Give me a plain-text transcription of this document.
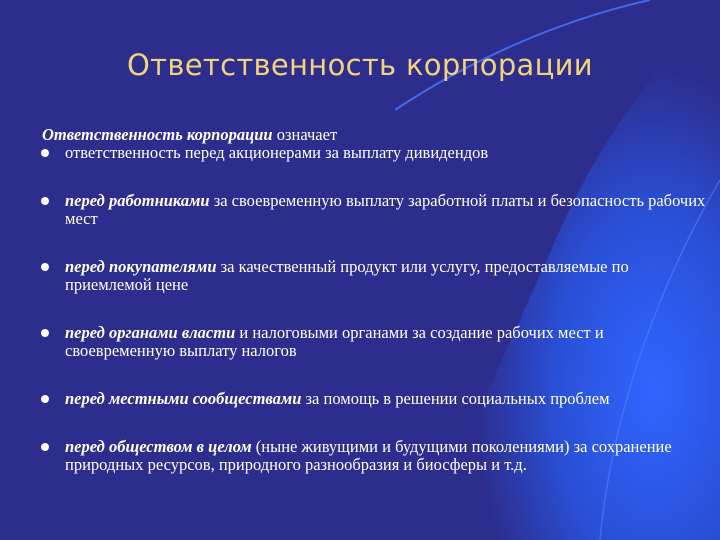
Ответственность корпорации

Ответственность корпорации означает

ответственность перед акционерами за выплату дивидендов
перед работниками за своевременную выплату заработной платы и безопасность рабочих мест
перед покупателями за качественный продукт или услугу, предоставляемые по приемлемой цене
перед органами власти и налоговыми органами за создание рабочих мест и своевременную выплату налогов
перед местными сообществами за помощь в решении социальных проблем
перед обществом в целом (ныне живущими и будущими поколениями) за сохранение природных ресурсов, природного разнообразия и биосферы и т.д.
